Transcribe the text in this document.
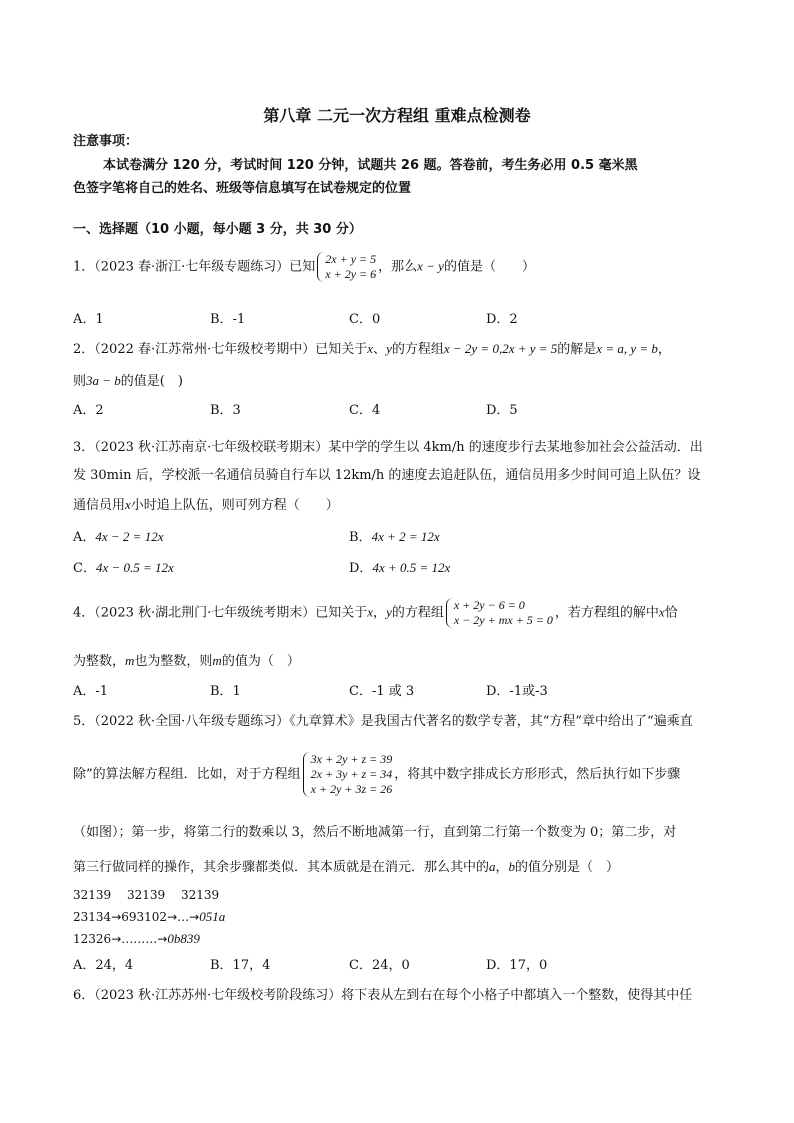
第八章 二元一次方程组 重难点检测卷
注意事项：
本试卷满分 120 分，考试时间 120 分钟，试题共 26 题。答卷前，考生务必用 0.5 毫米黑
色签字笔将自己的姓名、班级等信息填写在试卷规定的位置
一、选择题（10 小题，每小题 3 分，共 30 分）
1．（2023 春·浙江·七年级专题练习）已知
2x + y = 5
x + 2y = 6 ，那么x − y的值是（　　）
A．1	B．-1	C．0	D．2
2．（2022 春·江苏常州·七年级校考期中）已知关于x、y的方程组x − 2y = 0,2x + y = 5的解是x = a, y = b，
则3a − b的值是(　)
A．2	B．3	C．4	D．5
3．（2023 秋·江苏南京·七年级校联考期末）某中学的学生以 4km/h 的速度步行去某地参加社会公益活动．出
发 30min 后，学校派一名通信员骑自行车以 12km/h 的速度去追赶队伍，通信员用多少时间可追上队伍？设
通信员用x小时追上队伍，则可列方程（　　）
A．4x − 2 = 12x	B．4x + 2 = 12x
C．4x − 0.5 = 12x	D．4x + 0.5 = 12x
4．（2023 秋·湖北荆门·七年级统考期末）已知关于x，y的方程组
x + 2y − 6 = 0
x − 2y + mx + 5 = 0 ，若方程组的解中x恰
为整数，m也为整数，则m的值为（　）
A．-1	B．1	C．-1 或 3	D．-1或-3
5．（2022 秋·全国·八年级专题练习）《九章算术》是我国古代著名的数学专著，其“方程”章中给出了“遍乘直
除”的算法解方程组．比如，对于方程组
3x + 2y + z = 39
2x + 3y + z = 34
x + 2y + 3z = 26
，将其中数字排成长方形形式，然后执行如下步骤
（如图）；第一步，将第二行的数乘以 3，然后不断地减第一行，直到第二行第一个数变为 0；第二步，对
第三行做同样的操作，其余步骤都类似．其本质就是在消元．那么其中的a，b的值分别是（　）
32139　 32139　 32139
23134→693102→…→051a
12326→………→0b839
A．24，4	B．17，4	C．24，0	D．17，0
6．（2023 秋·江苏苏州·七年级校考阶段练习）将下表从左到右在每个小格子中都填入一个整数，使得其中任
